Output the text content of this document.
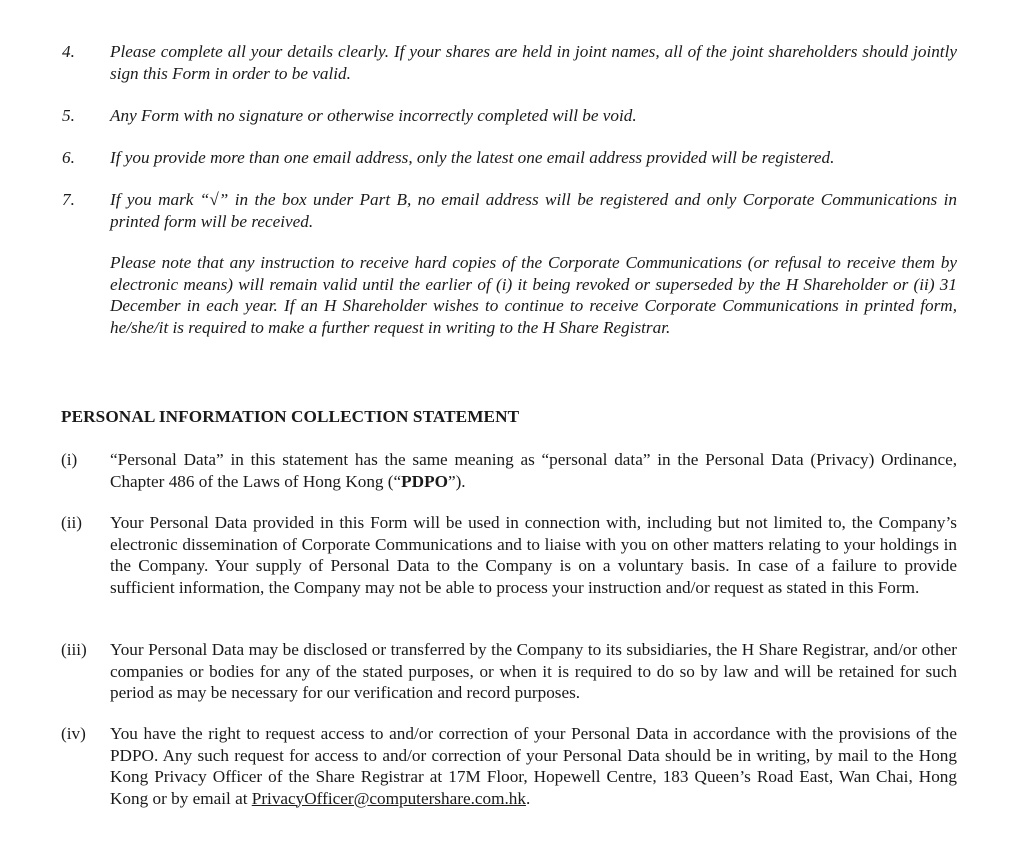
4. Please complete all your details clearly. If your shares are held in joint names, all of the joint shareholders should jointly sign this Form in order to be valid.
5. Any Form with no signature or otherwise incorrectly completed will be void.
6. If you provide more than one email address, only the latest one email address provided will be registered.
7. If you mark “√” in the box under Part B, no email address will be registered and only Corporate Communications in printed form will be received.
Please note that any instruction to receive hard copies of the Corporate Communications (or refusal to receive them by electronic means) will remain valid until the earlier of (i) it being revoked or superseded by the H Shareholder or (ii) 31 December in each year. If an H Shareholder wishes to continue to receive Corporate Communications in printed form, he/she/it is required to make a further request in writing to the H Share Registrar.
PERSONAL INFORMATION COLLECTION STATEMENT
(i) “Personal Data” in this statement has the same meaning as “personal data” in the Personal Data (Privacy) Ordinance, Chapter 486 of the Laws of Hong Kong (“PDPO”).
(ii) Your Personal Data provided in this Form will be used in connection with, including but not limited to, the Company’s electronic dissemination of Corporate Communications and to liaise with you on other matters relating to your holdings in the Company. Your supply of Personal Data to the Company is on a voluntary basis. In case of a failure to provide sufficient information, the Company may not be able to process your instruction and/or request as stated in this Form.
(iii) Your Personal Data may be disclosed or transferred by the Company to its subsidiaries, the H Share Registrar, and/or other companies or bodies for any of the stated purposes, or when it is required to do so by law and will be retained for such period as may be necessary for our verification and record purposes.
(iv) You have the right to request access to and/or correction of your Personal Data in accordance with the provisions of the PDPO. Any such request for access to and/or correction of your Personal Data should be in writing, by mail to the Hong Kong Privacy Officer of the Share Registrar at 17M Floor, Hopewell Centre, 183 Queen’s Road East, Wan Chai, Hong Kong or by email at PrivacyOfficer@computershare.com.hk.
